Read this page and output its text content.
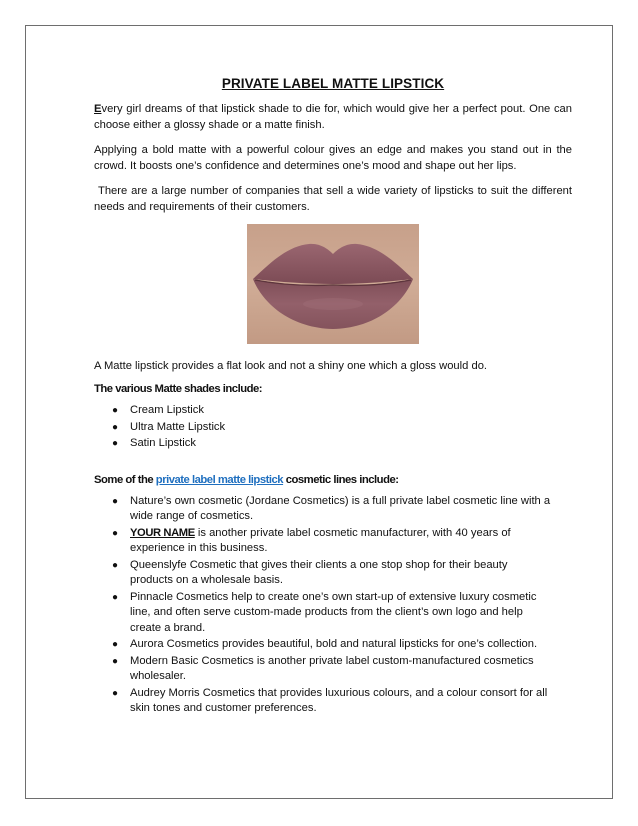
PRIVATE LABEL MATTE LIPSTICK

Every girl dreams of that lipstick shade to die for, which would give her a perfect pout. One can choose either a glossy shade or a matte finish.

Applying a bold matte with a powerful colour gives an edge and makes you stand out in the crowd. It boosts one’s confidence and determines one’s mood and shape out her lips.

There are a large number of companies that sell a wide variety of lipsticks to suit the different needs and requirements of their customers.

A Matte lipstick provides a flat look and not a shiny one which a gloss would do.

The various Matte shades include:
● Cream Lipstick
● Ultra Matte Lipstick
● Satin Lipstick
Some of the private label matte lipstick cosmetic lines include:
● Nature’s own cosmetic (Jordane Cosmetics) is a full private label cosmetic line with a wide range of cosmetics.
● YOUR NAME is another private label cosmetic manufacturer, with 40 years of experience in this business.
● Queenslyfe Cosmetic that gives their clients a one stop shop for their beauty products on a wholesale basis.
● Pinnacle Cosmetics help to create one’s own start-up of extensive luxury cosmetic line, and often serve custom-made products from the client’s own logo and help create a brand.
● Aurora Cosmetics provides beautiful, bold and natural lipsticks for one’s collection.
● Modern Basic Cosmetics is another private label custom-manufactured cosmetics wholesaler.
● Audrey Morris Cosmetics that provides luxurious colours, and a colour consort for all skin tones and customer preferences.
